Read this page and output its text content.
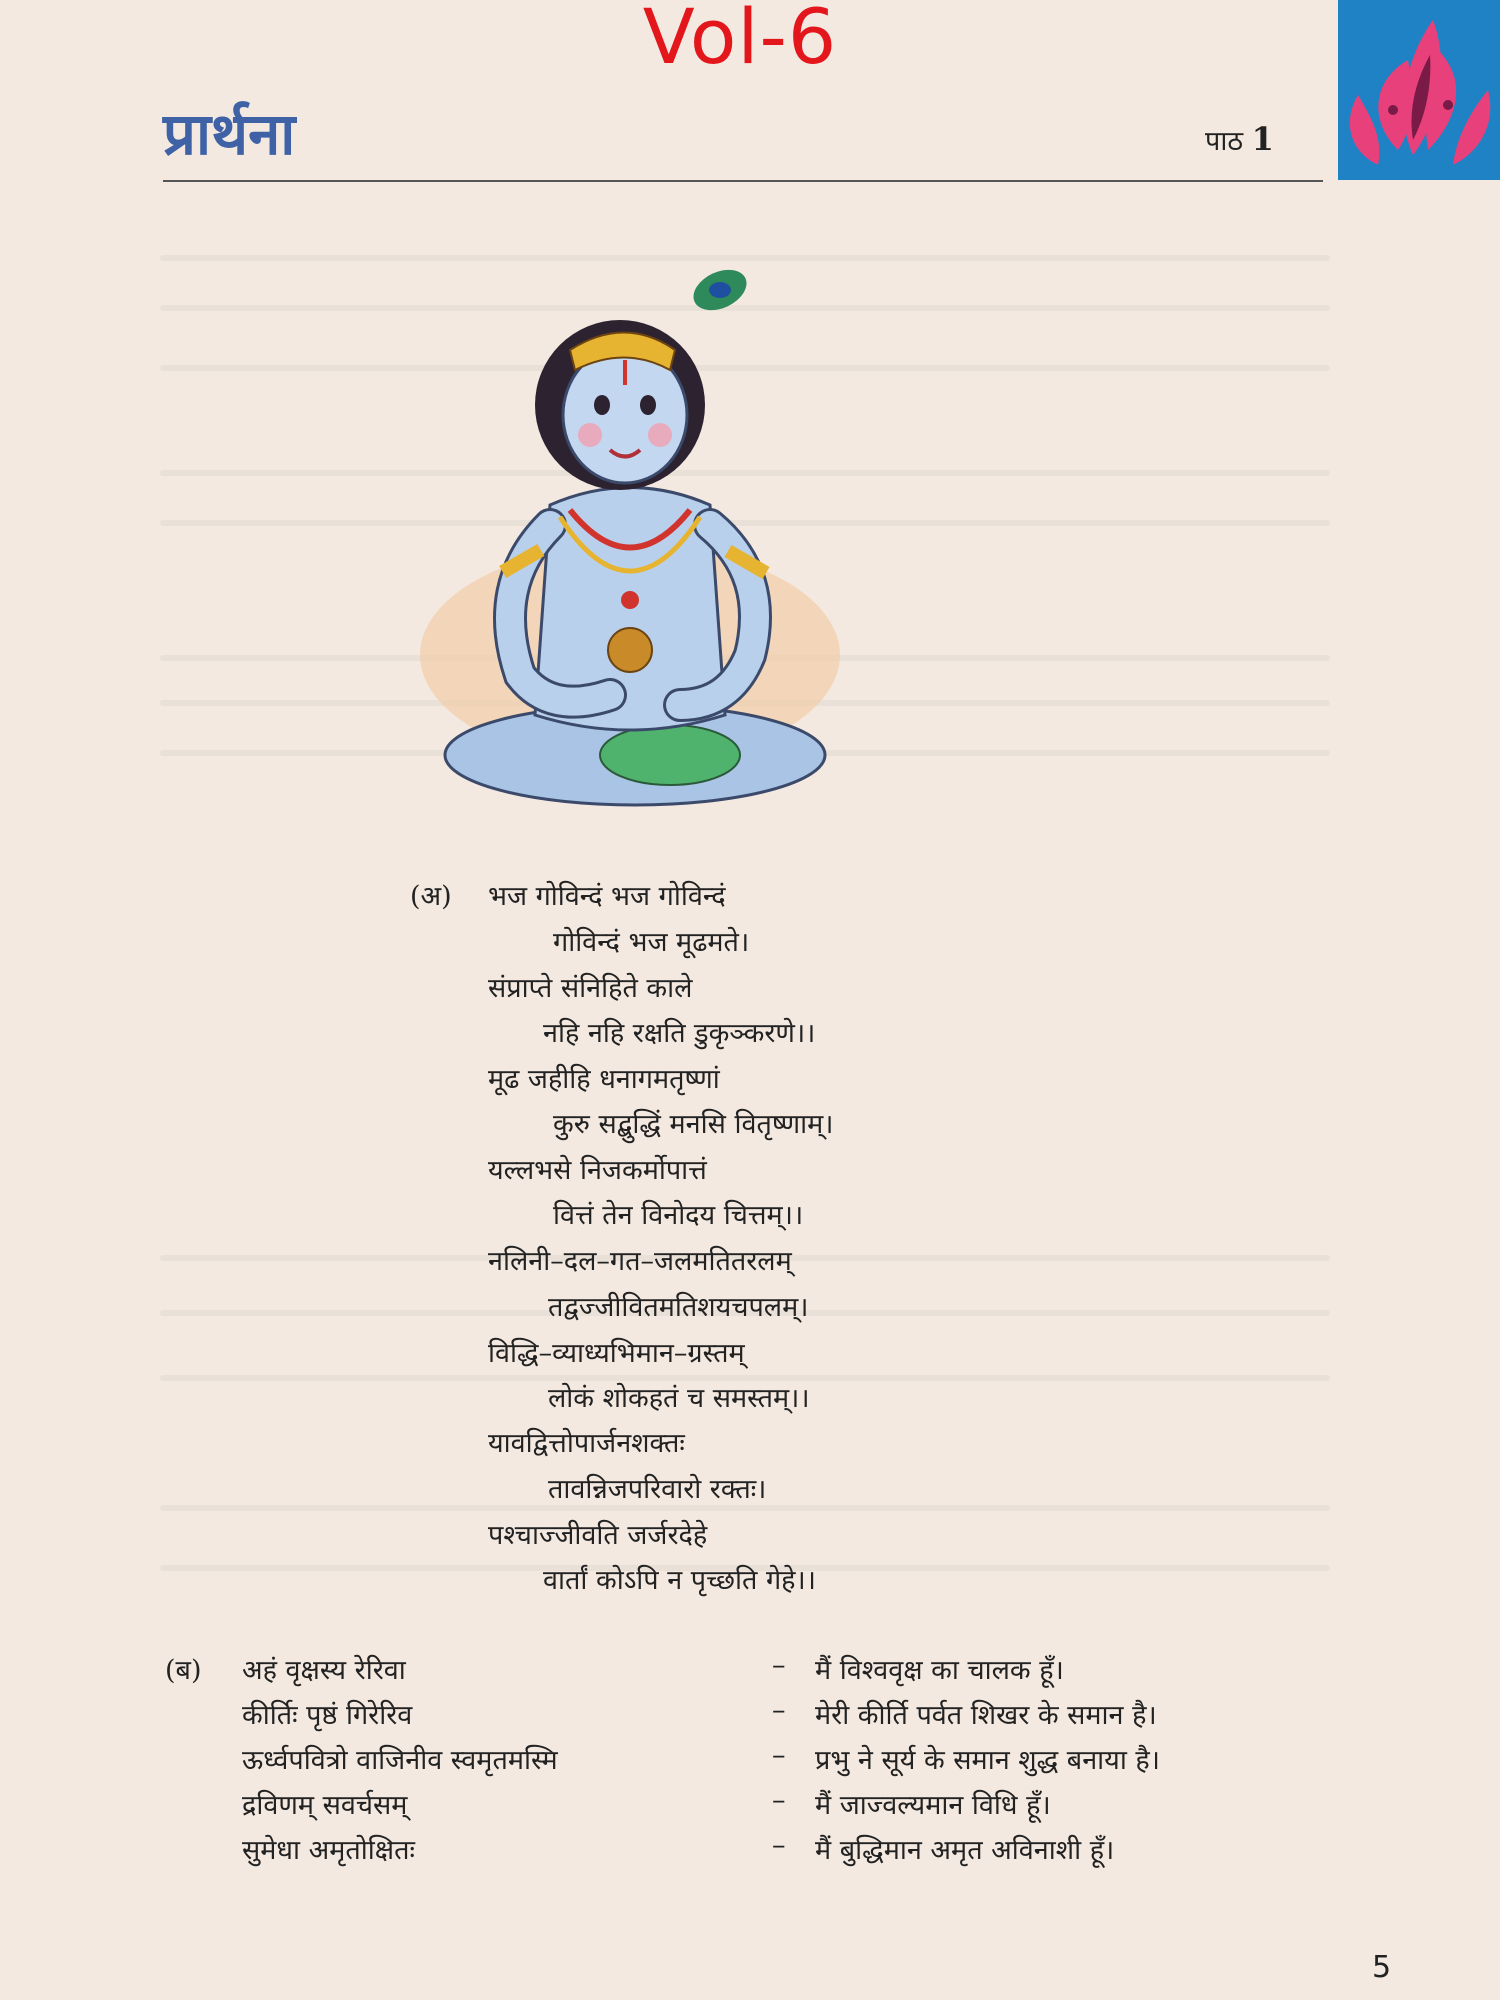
Vol-6
प्रार्थना	पाठ 1
(अ) भज गोविन्दं भज गोविन्दं
गोविन्दं भज मूढमते।
संप्राप्ते संनिहिते काले
नहि नहि रक्षति डुकृञ्करणे।।
मूढ जहीहि धनागमतृष्णां
कुरु सद्बुद्धिं मनसि वितृष्णाम्।
यल्लभसे निजकर्मोपात्तं
वित्तं तेन विनोदय चित्तम्।।
नलिनी–दल–गत–जलमतितरलम्
तद्वज्जीवितमतिशयचपलम्।
विद्धि–व्याध्यभिमान–ग्रस्तम्
लोकं शोकहतं च समस्तम्।।
यावद्वित्तोपार्जनशक्तः
तावन्निजपरिवारो रक्तः।
पश्चाज्जीवति जर्जरदेहे
वार्तां कोऽपि न पृच्छति गेहे।।
(ब) अहं वृक्षस्य रेरिवा	– मैं विश्ववृक्ष का चालक हूँ।
कीर्तिः पृष्ठं गिरेरिव	– मेरी कीर्ति पर्वत शिखर के समान है।
ऊर्ध्वपवित्रो वाजिनीव स्वमृतमस्मि	– प्रभु ने सूर्य के समान शुद्ध बनाया है।
द्रविणम् सवर्चसम्	– मैं जाज्वल्यमान विधि हूँ।
सुमेधा अमृतोक्षितः	– मैं बुद्धिमान अमृत अविनाशी हूँ।
5
